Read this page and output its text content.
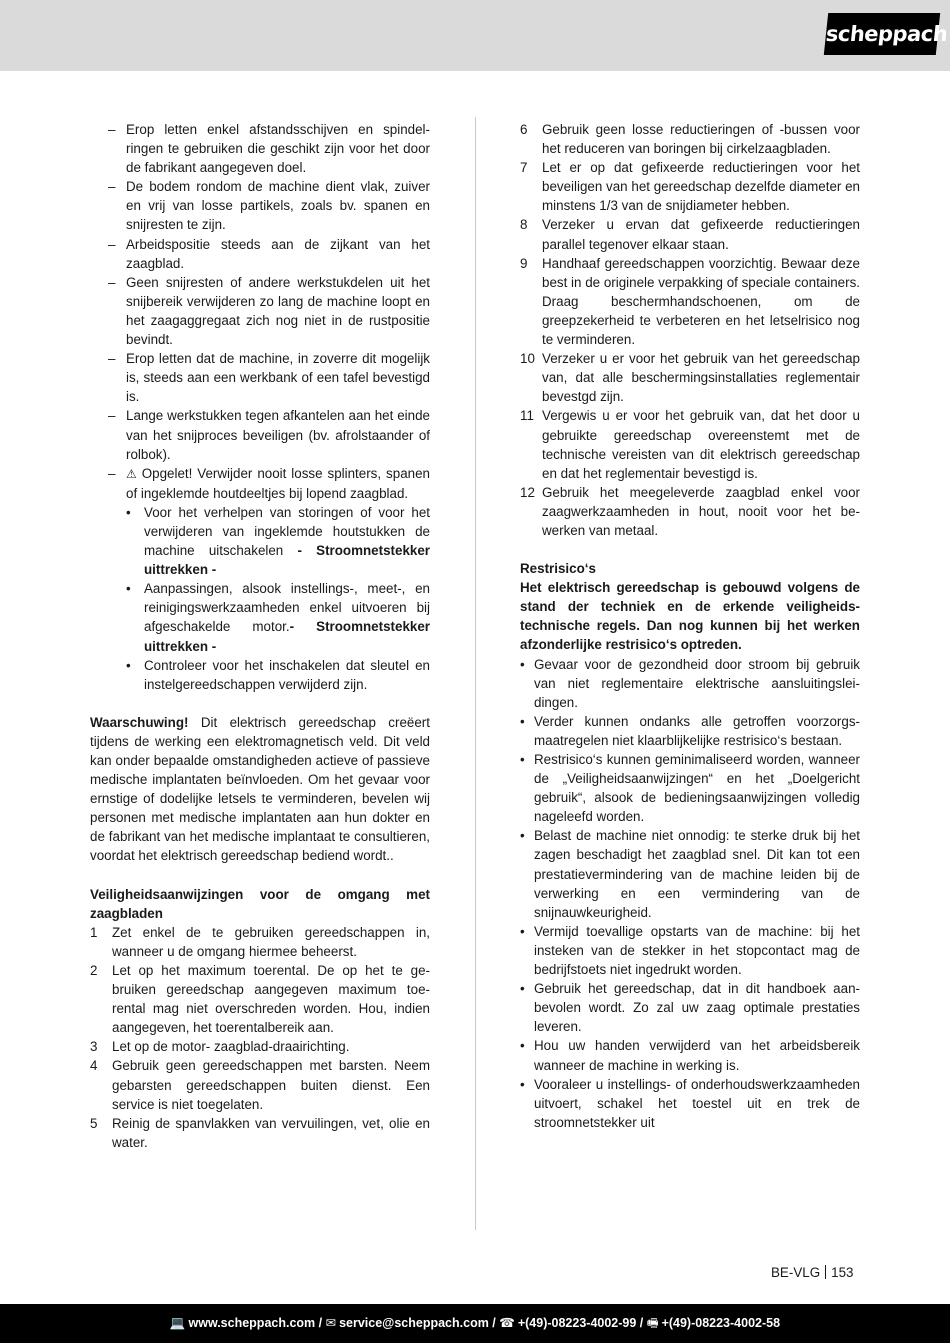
scheppach
– Erop letten enkel afstandsschijven en spindelringen te gebruiken die geschikt zijn voor het door de fabrikant aangegeven doel.
– De bodem rondom de machine dient vlak, zuiver en vrij van losse partikels, zoals bv. spanen en snijresten te zijn.
– Arbeidspositie steeds aan de zijkant van het zaagblad.
– Geen snijresten of andere werkstukdelen uit het snijbereik verwijderen zo lang de machine loopt en het zaagaggregaat zich nog niet in de rustpositie bevindt.
– Erop letten dat de machine, in zoverre dit mogelijk is, steeds aan een werkbank of een tafel bevestigd is.
– Lange werkstukken tegen afkantelen aan het einde van het snijproces beveiligen (bv. afrolstaander of rolbok).
– ⚠ Opgelet! Verwijder nooit losse splinters, spanen of ingeklemde houtdeeltjes bij lopend zaagblad.
• Voor het verhelpen van storingen of voor het verwijderen van ingeklemde houtstukken de machine uitschakelen - Stroomnetstekker uittrekken -
• Aanpassingen, alsook instellings-, meet-, en reinigingswerkzaamheden enkel uitvoeren bij afgeschakelde motor.- Stroomnetstekker uittrekken -
• Controleer voor het inschakelen dat sleutel en instelgereedschappen verwijderd zijn.

Waarschuwing! Dit elektrisch gereedschap creëert tijdens de werking een elektromagnetisch veld. Dit veld kan onder bepaalde omstandigheden actieve of passieve medische implantaten beïnvloeden. Om het gevaar voor ernstige of dodelijke letsels te verminderen, bevelen wij personen met medische implantaten aan hun dokter en de fabrikant van het medische implantaat te consultieren, voordat het elektrisch gereedschap bediend wordt..

Veiligheidsaanwijzingen voor de omgang met zaagbladen

1 Zet enkel de te gebruiken gereedschappen in, wanneer u de omgang hiermee beheerst.
2 Let op het maximum toerental. De op het te gebruiken gereedschap aangegeven maximum toerental mag niet overschreden worden. Hou, indien aangegeven, het toerentalbereik aan.
3 Let op de motor- zaagblad-draairichting.
4 Gebruik geen gereedschappen met barsten. Neem gebarsten gereedschappen buiten dienst. Een service is niet toegelaten.
5 Reinig de spanvlakken van vervuilingen, vet, olie en water.
6 Gebruik geen losse reductieringen of -bussen voor het reduceren van boringen bij cirkelzaagbladen.
7 Let er op dat gefixeerde reductieringen voor het beveiligen van het gereedschap dezelfde diameter en minstens 1/3 van de snijdiameter hebben.
8 Verzeker u ervan dat gefixeerde reductieringen parallel tegenover elkaar staan.
9 Handhaaf gereedschappen voorzichtig. Bewaar deze best in de originele verpakking of speciale containers. Draag beschermhandschoenen, om de greepzekerheid te verbeteren en het letselrisico nog te verminderen.
10 Verzeker u er voor het gebruik van het gereedschap van, dat alle beschermingsinstallaties reglementair bevestgd zijn.
11 Vergewis u er voor het gebruik van, dat het door u gebruikte gereedschap overeenstemt met de technische vereisten van dit elektrisch gereedschap en dat het reglementair bevestigd is.
12 Gebruik het meegeleverde zaagblad enkel voor zaagwerkzaamheden in hout, nooit voor het bewerken van metaal.

Restrisico‘s

Het elektrisch gereedschap is gebouwd volgens de stand der techniek en de erkende veiligheidstechnische regels. Dan nog kunnen bij het werken afzonderlijke restrisico‘s optreden.

• Gevaar voor de gezondheid door stroom bij gebruik van niet reglementaire elektrische aansluitingsleidingen.
• Verder kunnen ondanks alle getroffen voorzorgsmaatregelen niet klaarblijkelijke restrisico‘s bestaan.
• Restrisico‘s kunnen geminimaliseerd worden, wanneer de „Veiligheidsaanwijzingen“ en het „Doelgericht gebruik“, alsook de bedieningsaanwijzingen volledig nageleefd worden.
• Belast de machine niet onnodig: te sterke druk bij het zagen beschadigt het zaagblad snel. Dit kan tot een prestatievermindering van de machine leiden bij de verwerking en een vermindering van de snijnauwkeurigheid.
• Vermijd toevallige opstarts van de machine: bij het insteken van de stekker in het stopcontact mag de bedrijfstoets niet ingedrukt worden.
• Gebruik het gereedschap, dat in dit handboek aanbevolen wordt. Zo zal uw zaag optimale prestaties leveren.
• Hou uw handen verwijderd van het arbeidsbereik wanneer de machine in werking is.
• Vooraleer u instellings- of onderhoudswerkzaamheden uitvoert, schakel het toestel uit en trek de stroomnetstekker uit
BE-VLG 153
💻 www.scheppach.com / ✉ service@scheppach.com / ☎ +(49)-08223-4002-99 / 🖷 +(49)-08223-4002-58
